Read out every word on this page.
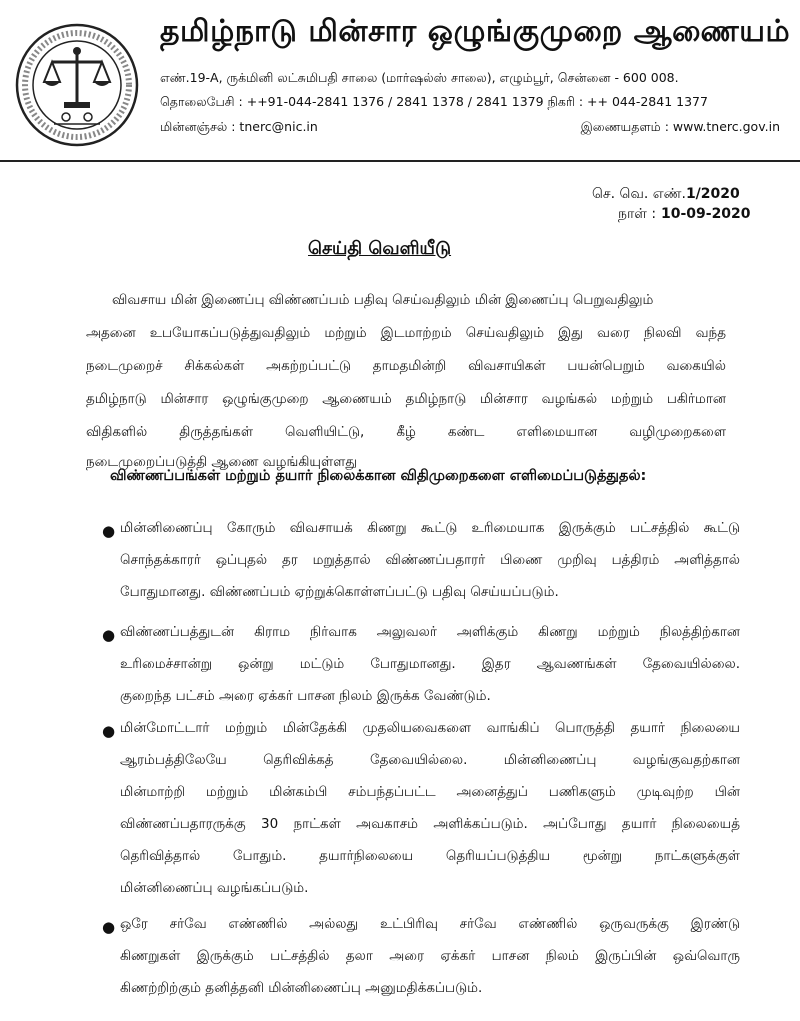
தமிழ்நாடு மின்சார ஒழுங்குமுறை ஆணையம்
எண்.19-A, ருக்மினி லட்சுமிபதி சாலை (மார்ஷல்ஸ் சாலை), எழும்பூர், சென்னை - 600 008.
தொலைபேசி : ++91-044-2841 1376 / 2841 1378 / 2841 1379 நிகரி : ++ 044-2841 1377
மின்னஞ்சல் : tnerc@nic.in	இணையதளம் : www.tnerc.gov.in
செ. வெ. எண்.1/2020
நாள் : 10-09-2020
செய்தி வெளியீடு
விவசாய மின் இணைப்பு விண்ணப்பம் பதிவு செய்வதிலும் மின் இணைப்பு பெறுவதிலும்
அதனை உபயோகப்படுத்துவதிலும் மற்றும் இடமாற்றம் செய்வதிலும் இது வரை நிலவி வந்த
நடைமுறைச் சிக்கல்கள் அகற்றப்பட்டு தாமதமின்றி விவசாயிகள் பயன்பெறும் வகையில்
தமிழ்நாடு மின்சார ஒழுங்குமுறை ஆணையம் தமிழ்நாடு மின்சார வழங்கல் மற்றும் பகிர்மான
விதிகளில் திருத்தங்கள் வெளியிட்டு, கீழ் கண்ட எளிமையான வழிமுறைகளை
நடைமுறைப்படுத்தி ஆணை வழங்கியுள்ளது
விண்ணப்பங்கள் மற்றும் தயார் நிலைக்கான விதிமுறைகளை எளிமைப்படுத்துதல்:
● மின்னிணைப்பு கோரும் விவசாயக் கிணறு கூட்டு உரிமையாக இருக்கும் பட்சத்தில் கூட்டு
சொந்தக்காரர் ஒப்புதல் தர மறுத்தால் விண்ணப்பதாரர் பிணை முறிவு பத்திரம் அளித்தால்
போதுமானது. விண்ணப்பம் ஏற்றுக்கொள்ளப்பட்டு பதிவு செய்யப்படும்.
● விண்ணப்பத்துடன் கிராம நிர்வாக அலுவலர் அளிக்கும் கிணறு மற்றும் நிலத்திற்கான
உரிமைச்சான்று ஒன்று மட்டும் போதுமானது. இதர ஆவணங்கள் தேவையில்லை.
குறைந்த பட்சம் அரை ஏக்கர் பாசன நிலம் இருக்க வேண்டும்.
● மின்மோட்டார் மற்றும் மின்தேக்கி முதலியவைகளை வாங்கிப் பொருத்தி தயார் நிலையை
ஆரம்பத்திலேயே தெரிவிக்கத் தேவையில்லை. மின்னிணைப்பு வழங்குவதற்கான
மின்மாற்றி மற்றும் மின்கம்பி சம்பந்தப்பட்ட அனைத்துப் பணிகளும் முடிவுற்ற பின்
விண்ணப்பதாரருக்கு 30 நாட்கள் அவகாசம் அளிக்கப்படும். அப்போது தயார் நிலையைத்
தெரிவித்தால் போதும். தயார்நிலையை தெரியப்படுத்திய மூன்று நாட்களுக்குள்
மின்னிணைப்பு வழங்கப்படும்.
● ஒரே சர்வே எண்ணில் அல்லது உட்பிரிவு சர்வே எண்ணில் ஒருவருக்கு இரண்டு
கிணறுகள் இருக்கும் பட்சத்தில் தலா அரை ஏக்கர் பாசன நிலம் இருப்பின் ஒவ்வொரு
கிணற்றிற்கும் தனித்தனி மின்னிணைப்பு அனுமதிக்கப்படும்.
